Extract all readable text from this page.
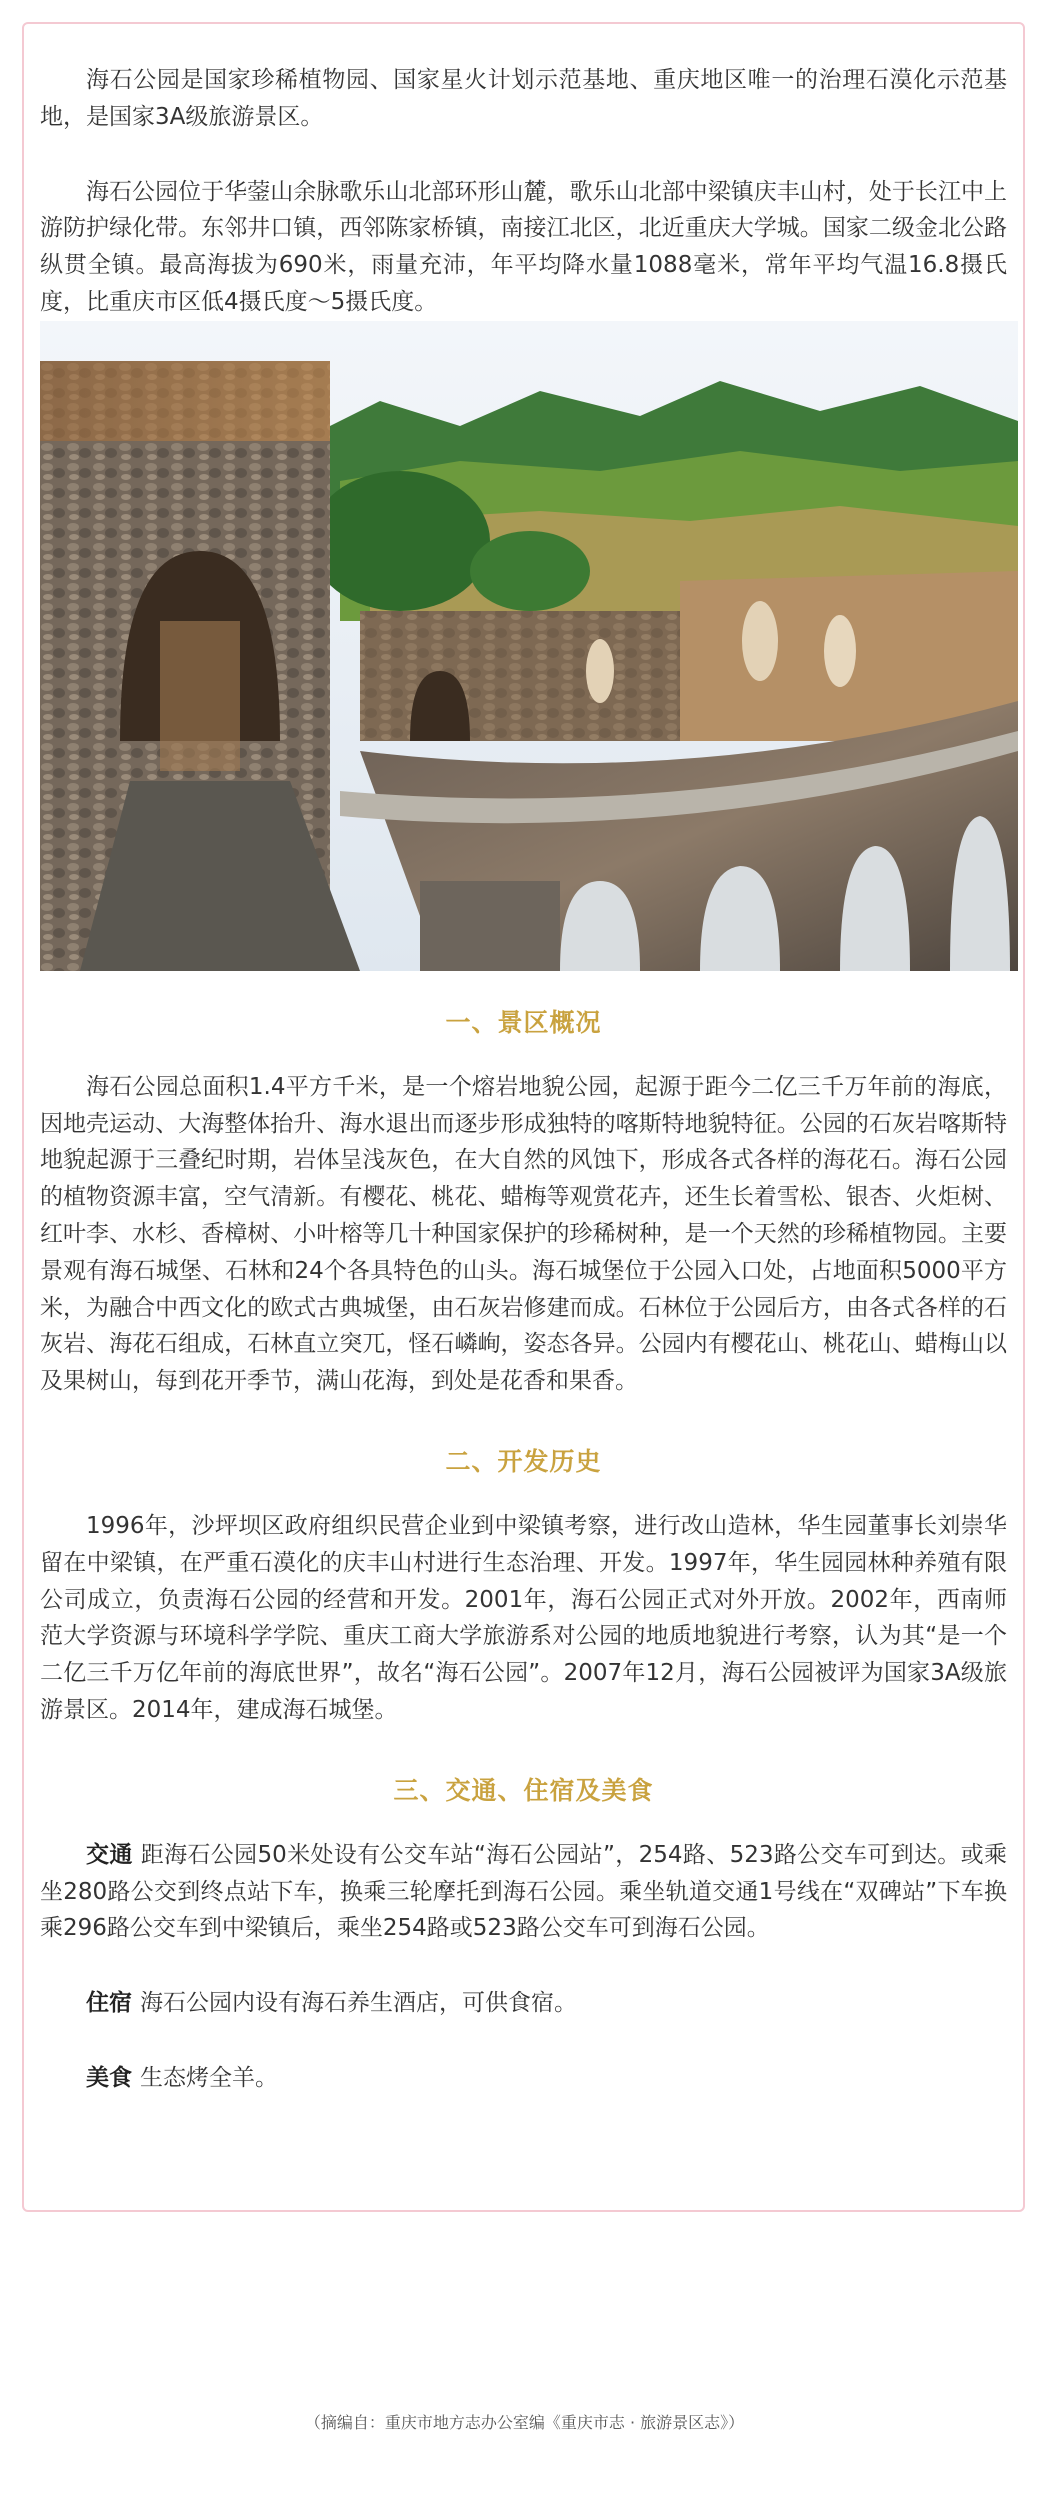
海石公园是国家珍稀植物园、国家星火计划示范基地、重庆地区唯一的治理石漠化示范基地，是国家3A级旅游景区。

海石公园位于华蓥山余脉歌乐山北部环形山麓，歌乐山北部中梁镇庆丰山村，处于长江中上游防护绿化带。东邻井口镇，西邻陈家桥镇，南接江北区，北近重庆大学城。国家二级金北公路纵贯全镇。最高海拔为690米，雨量充沛，年平均降水量1088毫米，常年平均气温16.8摄氏度，比重庆市区低4摄氏度～5摄氏度。

一、景区概况

海石公园总面积1.4平方千米，是一个熔岩地貌公园，起源于距今二亿三千万年前的海底，因地壳运动、大海整体抬升、海水退出而逐步形成独特的喀斯特地貌特征。公园的石灰岩喀斯特地貌起源于三叠纪时期，岩体呈浅灰色，在大自然的风蚀下，形成各式各样的海花石。海石公园的植物资源丰富，空气清新。有樱花、桃花、蜡梅等观赏花卉，还生长着雪松、银杏、火炬树、红叶李、水杉、香樟树、小叶榕等几十种国家保护的珍稀树种，是一个天然的珍稀植物园。主要景观有海石城堡、石林和24个各具特色的山头。海石城堡位于公园入口处，占地面积5000平方米，为融合中西文化的欧式古典城堡，由石灰岩修建而成。石林位于公园后方，由各式各样的石灰岩、海花石组成，石林直立突兀，怪石嶙峋，姿态各异。公园内有樱花山、桃花山、蜡梅山以及果树山，每到花开季节，满山花海，到处是花香和果香。

二、开发历史

1996年，沙坪坝区政府组织民营企业到中梁镇考察，进行改山造林，华生园董事长刘崇华留在中梁镇，在严重石漠化的庆丰山村进行生态治理、开发。1997年，华生园园林种养殖有限公司成立，负责海石公园的经营和开发。2001年，海石公园正式对外开放。2002年，西南师范大学资源与环境科学学院、重庆工商大学旅游系对公园的地质地貌进行考察，认为其“是一个二亿三千万亿年前的海底世界”，故名“海石公园”。2007年12月，海石公园被评为国家3A级旅游景区。2014年，建成海石城堡。

三、交通、住宿及美食

交通 距海石公园50米处设有公交车站“海石公园站”，254路、523路公交车可到达。或乘坐280路公交到终点站下车，换乘三轮摩托到海石公园。乘坐轨道交通1号线在“双碑站”下车换乘296路公交车到中梁镇后，乘坐254路或523路公交车可到海石公园。

住宿 海石公园内设有海石养生酒店，可供食宿。

美食 生态烤全羊。

（摘编自：重庆市地方志办公室编《重庆市志 · 旅游景区志》）
